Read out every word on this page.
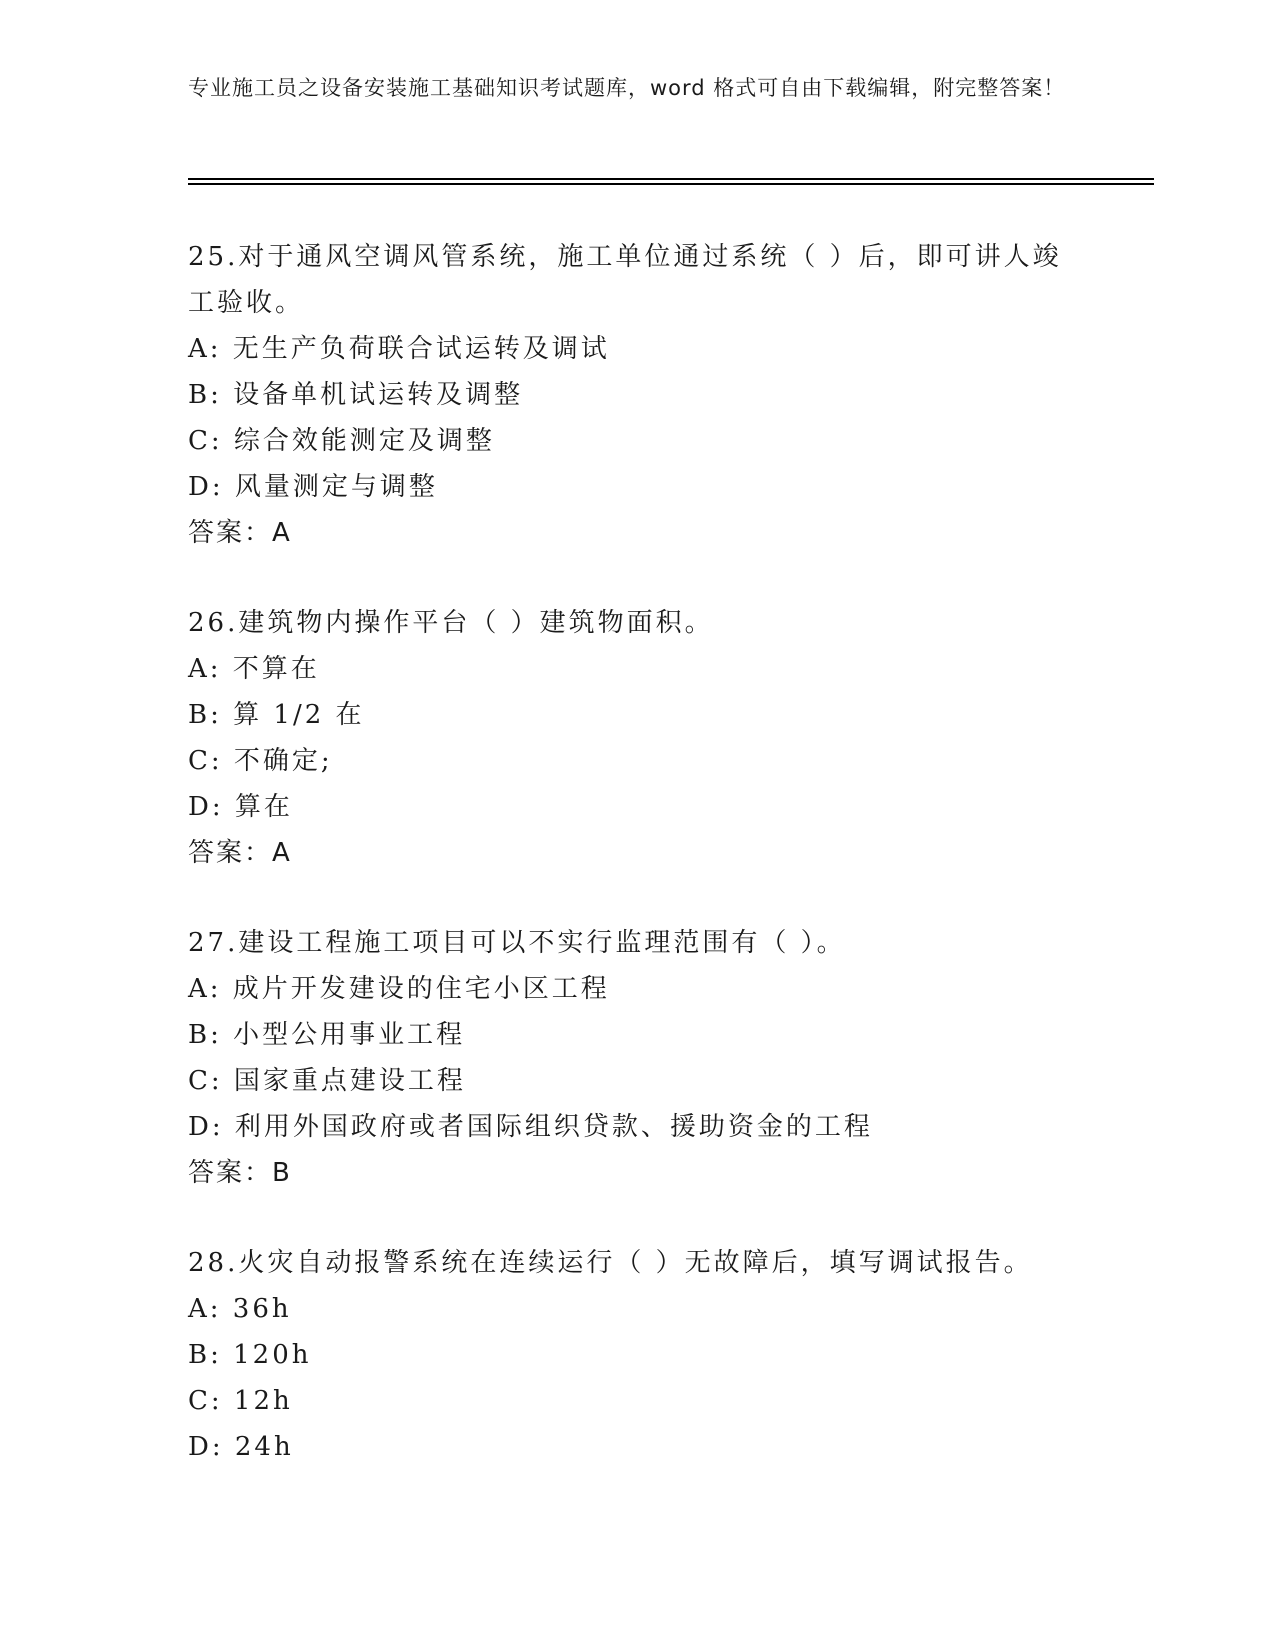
专业施工员之设备安装施工基础知识考试题库，word 格式可自由下载编辑，附完整答案！
25.对于通风空调风管系统，施工单位通过系统（ ）后，即可讲人竣工验收。
A: 无生产负荷联合试运转及调试
B: 设备单机试运转及调整
C: 综合效能测定及调整
D: 风量测定与调整
答案：A
26.建筑物内操作平台（ ）建筑物面积。
A: 不算在
B: 算 1/2 在
C: 不确定;
D: 算在
答案：A
27.建设工程施工项目可以不实行监理范围有（ ）。
A: 成片开发建设的住宅小区工程
B: 小型公用事业工程
C: 国家重点建设工程
D: 利用外国政府或者国际组织贷款、援助资金的工程
答案：B
28.火灾自动报警系统在连续运行（ ）无故障后，填写调试报告。
A: 36h
B: 120h
C: 12h
D: 24h
